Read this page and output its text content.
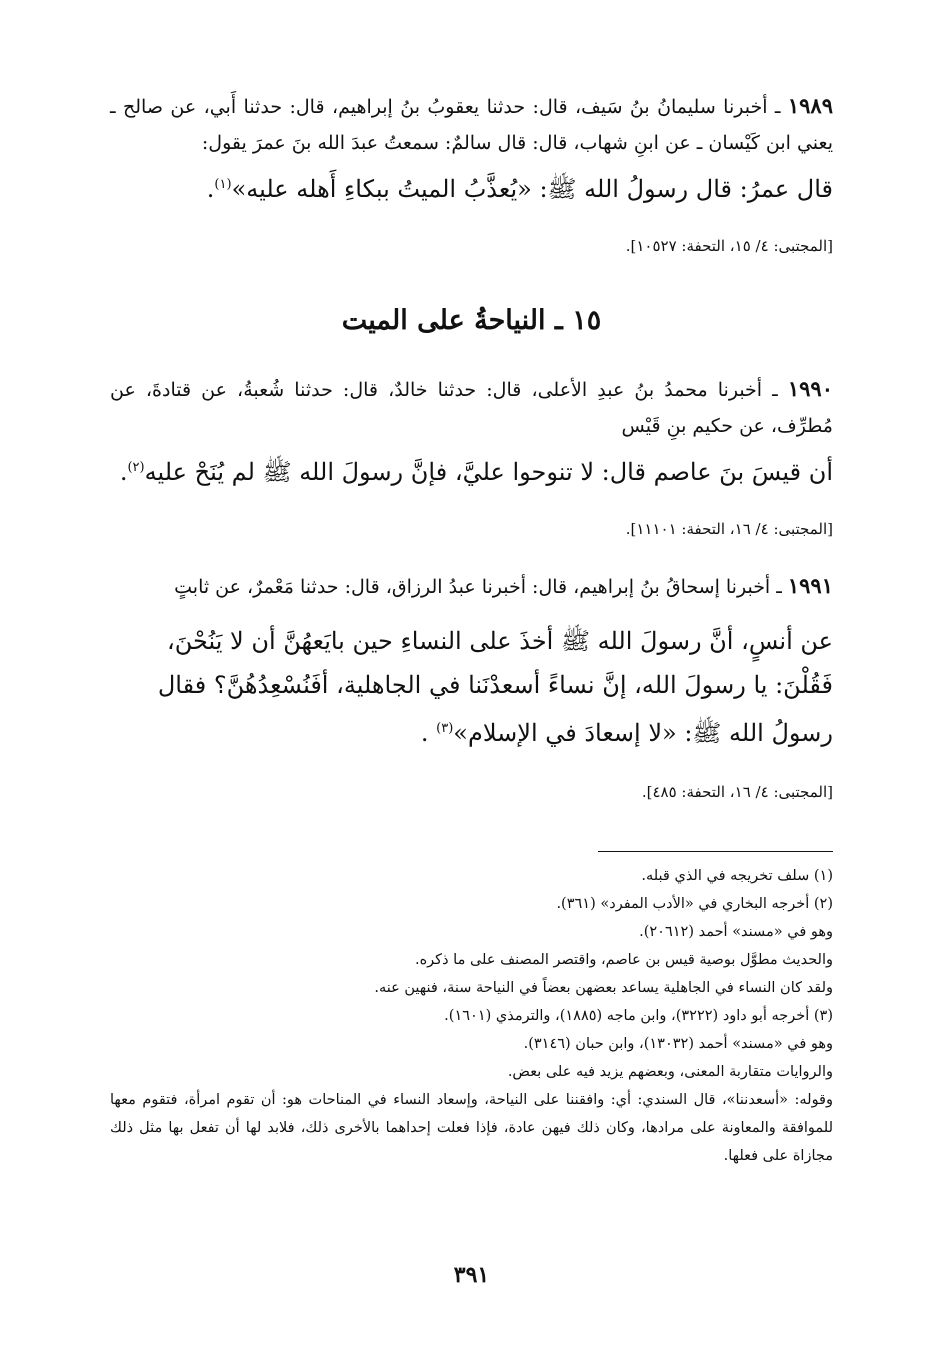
١٩٨٩ ـ أخبرنا سليمانُ بنُ سَيف، قال: حدثنا يعقوبُ بنُ إبراهيم، قال: حدثنا أَبي، عن صالح ـ يعني ابن كَيْسان ـ عن ابنِ شهاب، قال: قال سالمٌ: سمعتُ عبدَ الله بنَ عمرَ يقول:

قال عمرُ: قال رسولُ الله ﷺ: «يُعذَّبُ الميتُ ببكاءِ أَهله عليه»$^{(١)}$.

[المجتبى: ٤/ ١٥، التحفة: ١٠٥٢٧].

١٥ ـ النياحةُ على الميت

١٩٩٠ ـ أخبرنا محمدُ بنُ عبدِ الأعلى، قال: حدثنا خالدٌ، قال: حدثنا شُعبةُ، عن قتادةَ، عن مُطرِّف، عن حكيم بنِ قَيْس

أن قيسَ بنَ عاصم قال: لا تنوحوا عليَّ، فإنَّ رسولَ الله ﷺ لم يُنَحْ عليه$^{(٢)}$.

[المجتبى: ٤/ ١٦، التحفة: ١١١٠١].

١٩٩١ ـ أخبرنا إسحاقُ بنُ إبراهيم، قال: أخبرنا عبدُ الرزاق، قال: حدثنا مَعْمرٌ، عن ثابتٍ

عن أنسٍ، أنَّ رسولَ الله ﷺ أخذَ على النساءِ حين بايَعهُنَّ أن لا يَنُحْنَ، فَقُلْنَ: يا رسولَ الله، إنَّ نساءً أسعدْنَنا في الجاهلية، أفَنُسْعِدُهُنَّ؟ فقال رسولُ الله ﷺ: «لا إسعادَ في الإسلام»$^{(٣)}$ .

[المجتبى: ٤/ ١٦، التحفة: ٤٨٥].

(١) سلف تخريجه في الذي قبله.

(٢) أخرجه البخاري في «الأدب المفرد» (٣٦١).

وهو في «مسند» أحمد (٢٠٦١٢).

والحديث مطوَّل بوصية قيس بن عاصم، واقتصر المصنف على ما ذكره.

ولقد كان النساء في الجاهلية يساعد بعضهن بعضاً في النياحة سنة، فنهين عنه.

(٣) أخرجه أبو داود (٣٢٢٢)، وابن ماجه (١٨٨٥)، والترمذي (١٦٠١).

وهو في «مسند» أحمد (١٣٠٣٢)، وابن حبان (٣١٤٦).

والروايات متقاربة المعنى، وبعضهم يزيد فيه على بعض.

وقوله: «أسعدننا»، قال السندي: أي: وافقننا على النياحة، وإسعاد النساء في المناحات هو: أن تقوم امرأة، فتقوم معها للموافقة والمعاونة على مرادها، وكان ذلك فيهن عادة، فإذا فعلت إحداهما بالأخرى ذلك، فلابد لها أن تفعل بها مثل ذلك مجازاة على فعلها.

٣٩١
